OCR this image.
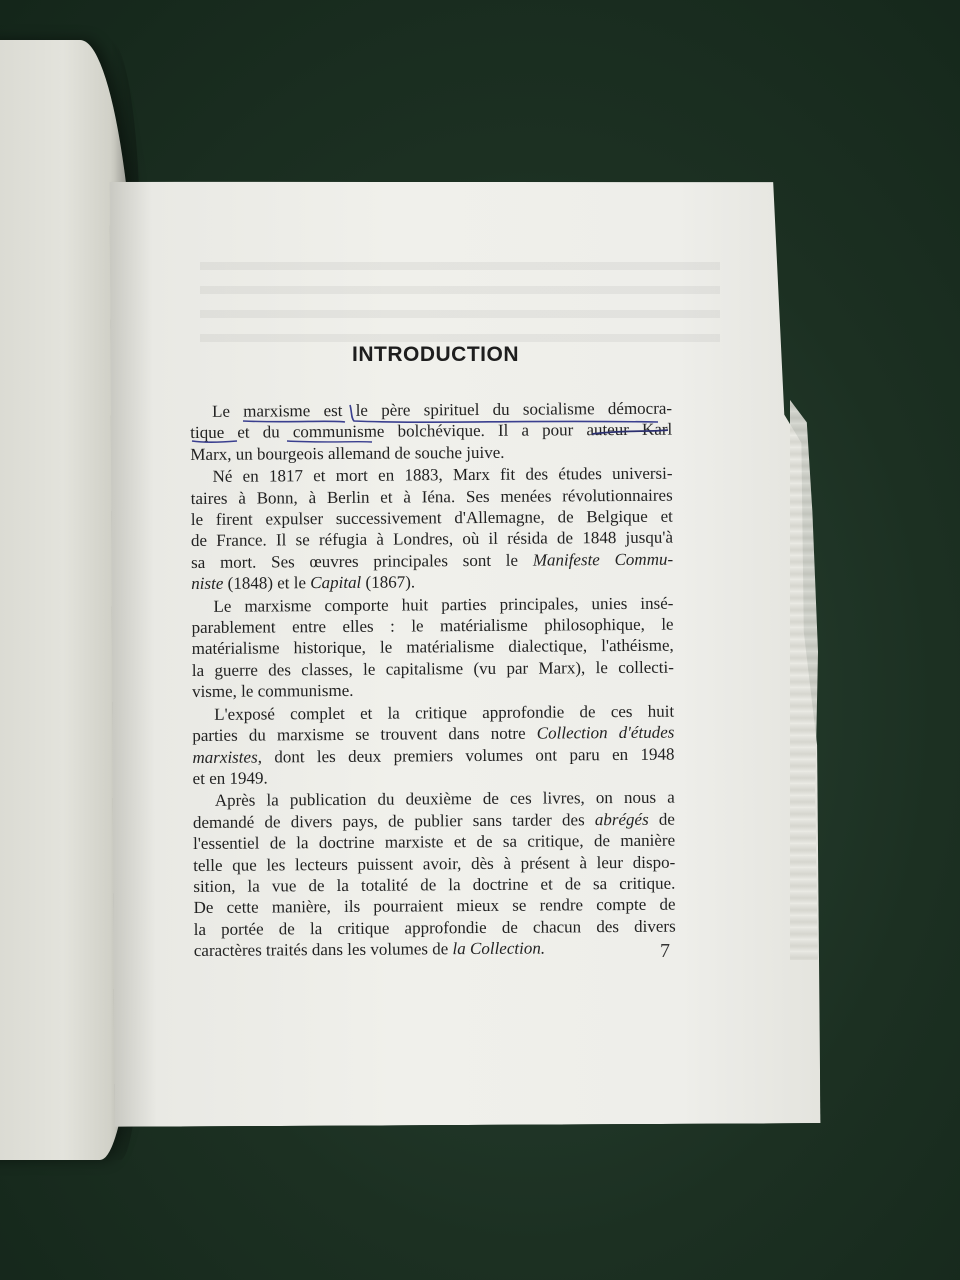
INTRODUCTION

Le marxisme est le père spirituel du socialisme démocra-
tique et du communisme bolchévique. Il a pour auteur Karl
Marx, un bourgeois allemand de souche juive.

Né en 1817 et mort en 1883, Marx fit des études universi-
taires à Bonn, à Berlin et à Iéna. Ses menées révolutionnaires
le firent expulser successivement d'Allemagne, de Belgique et
de France. Il se réfugia à Londres, où il résida de 1848 jusqu'à
sa mort. Ses œuvres principales sont le Manifeste Commu-
niste (1848) et le Capital (1867).

Le marxisme comporte huit parties principales, unies insé-
parablement entre elles : le matérialisme philosophique, le
matérialisme historique, le matérialisme dialectique, l'athéisme,
la guerre des classes, le capitalisme (vu par Marx), le collecti-
visme, le communisme.

L'exposé complet et la critique approfondie de ces huit
parties du marxisme se trouvent dans notre Collection d'études
marxistes, dont les deux premiers volumes ont paru en 1948
et en 1949.

Après la publication du deuxième de ces livres, on nous a
demandé de divers pays, de publier sans tarder des abrégés de
l'essentiel de la doctrine marxiste et de sa critique, de manière
telle que les lecteurs puissent avoir, dès à présent à leur dispo-
sition, la vue de la totalité de la doctrine et de sa critique.
De cette manière, ils pourraient mieux se rendre compte de
la portée de la critique approfondie de chacun des divers
caractères traités dans les volumes de la Collection.	7
